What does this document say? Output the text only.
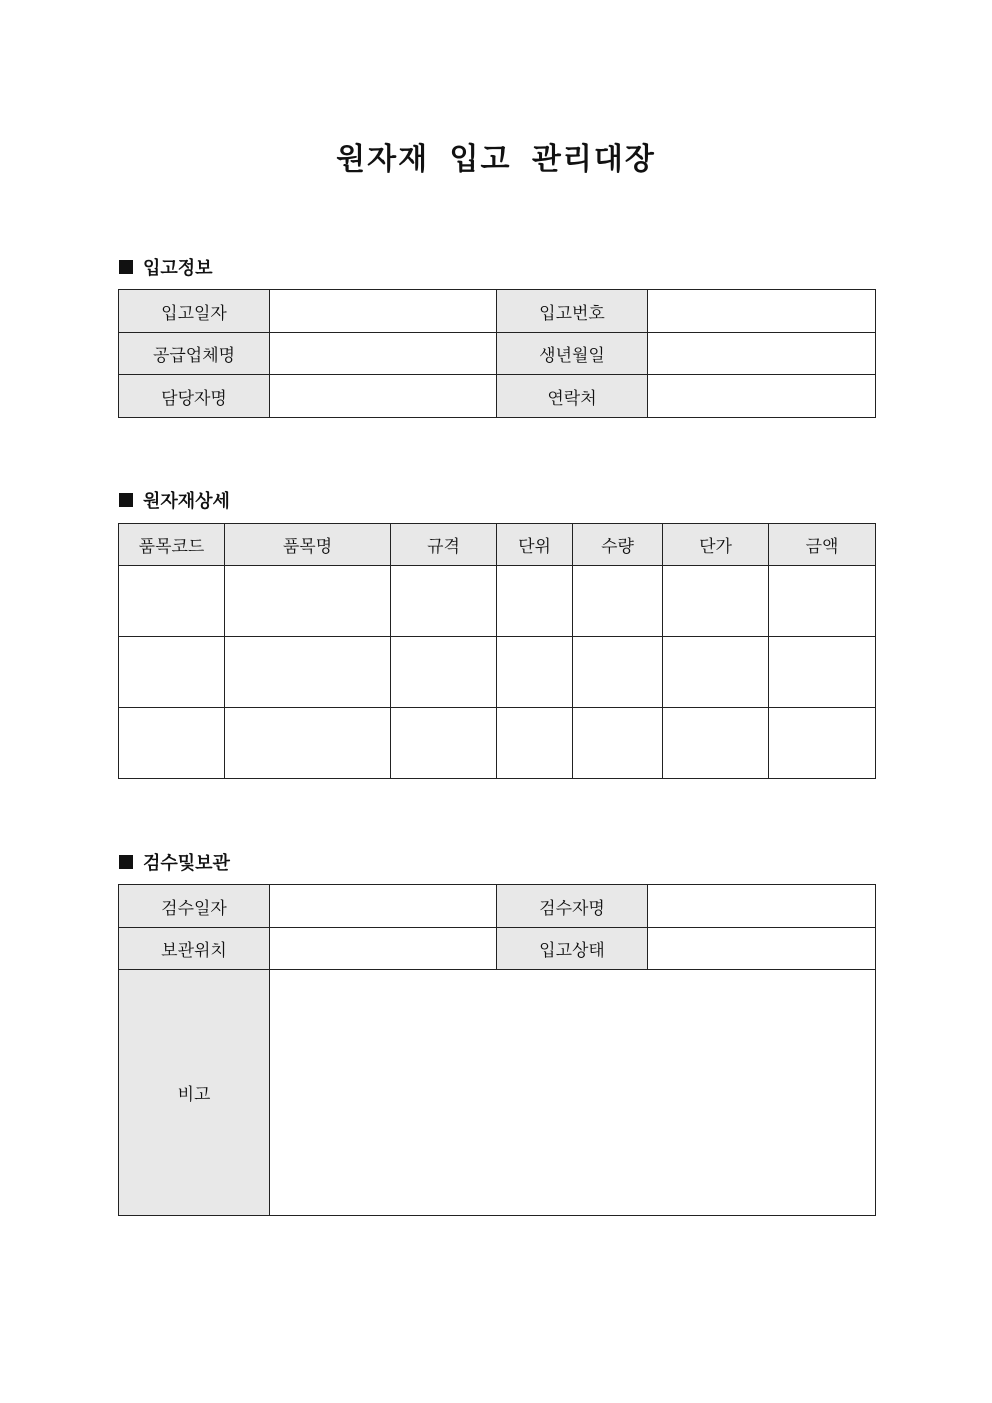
원자재 입고 관리대장
입고정보
입고일자		입고번호	
공급업체명		생년월일	
담당자명		연락처	
원자재상세
품목코드	품목명	규격	단위	수량	단가	금액

검수및보관
검수일자		검수자명	
보관위치		입고상태	
비고			
